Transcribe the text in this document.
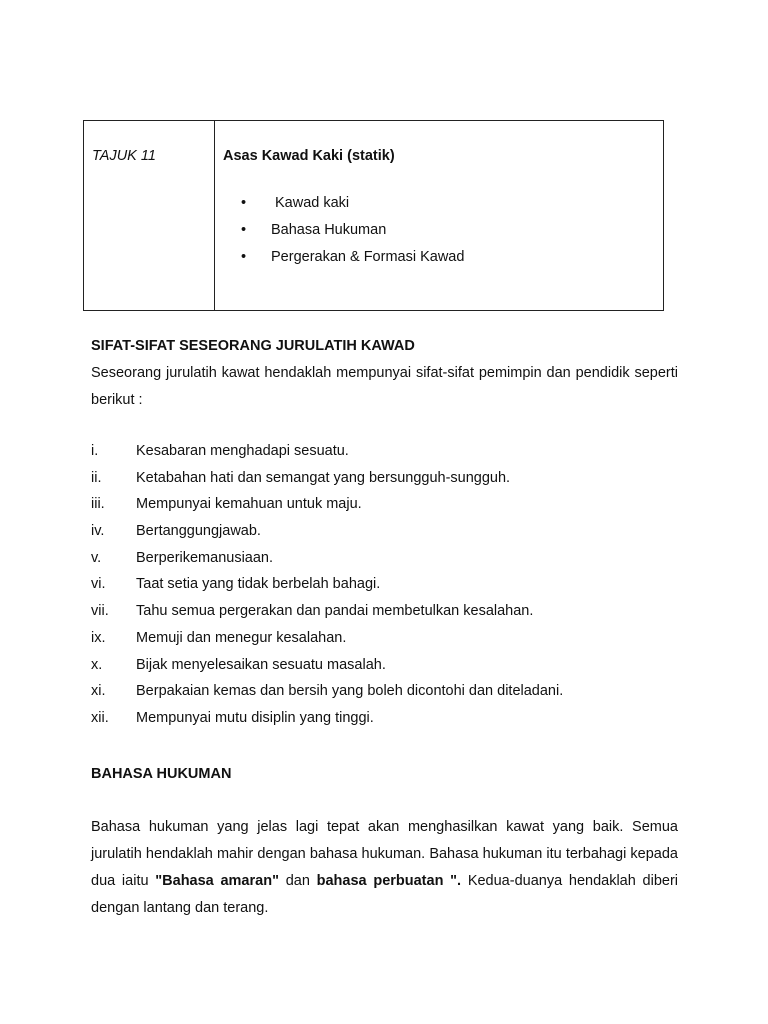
TAJUK 11	Asas Kawad Kaki (statik)

• Kawad kaki
• Bahasa Hukuman
• Pergerakan & Formasi Kawad
SIFAT-SIFAT SESEORANG JURULATIH KAWAD

Seseorang jurulatih kawat hendaklah mempunyai sifat-sifat pemimpin dan pendidik seperti berikut :

i.	Kesabaran menghadapi sesuatu.
ii.	Ketabahan hati dan semangat yang bersungguh-sungguh.
iii.	Mempunyai kemahuan untuk maju.
iv.	Bertanggungjawab.
v.	Berperikemanusiaan.
vi.	Taat setia yang tidak berbelah bahagi.
vii.	Tahu semua pergerakan dan pandai membetulkan kesalahan.
ix.	Memuji dan menegur kesalahan.
x.	Bijak menyelesaikan sesuatu masalah.
xi.	Berpakaian kemas dan bersih yang boleh dicontohi dan diteladani.
xii.	Mempunyai mutu disiplin yang tinggi.
BAHASA HUKUMAN

Bahasa hukuman yang jelas lagi tepat akan menghasilkan kawat yang baik. Semua jurulatih hendaklah mahir dengan bahasa hukuman. Bahasa hukuman itu terbahagi kepada dua iaitu "Bahasa amaran" dan bahasa perbuatan ". Kedua-duanya hendaklah diberi dengan lantang dan terang.
